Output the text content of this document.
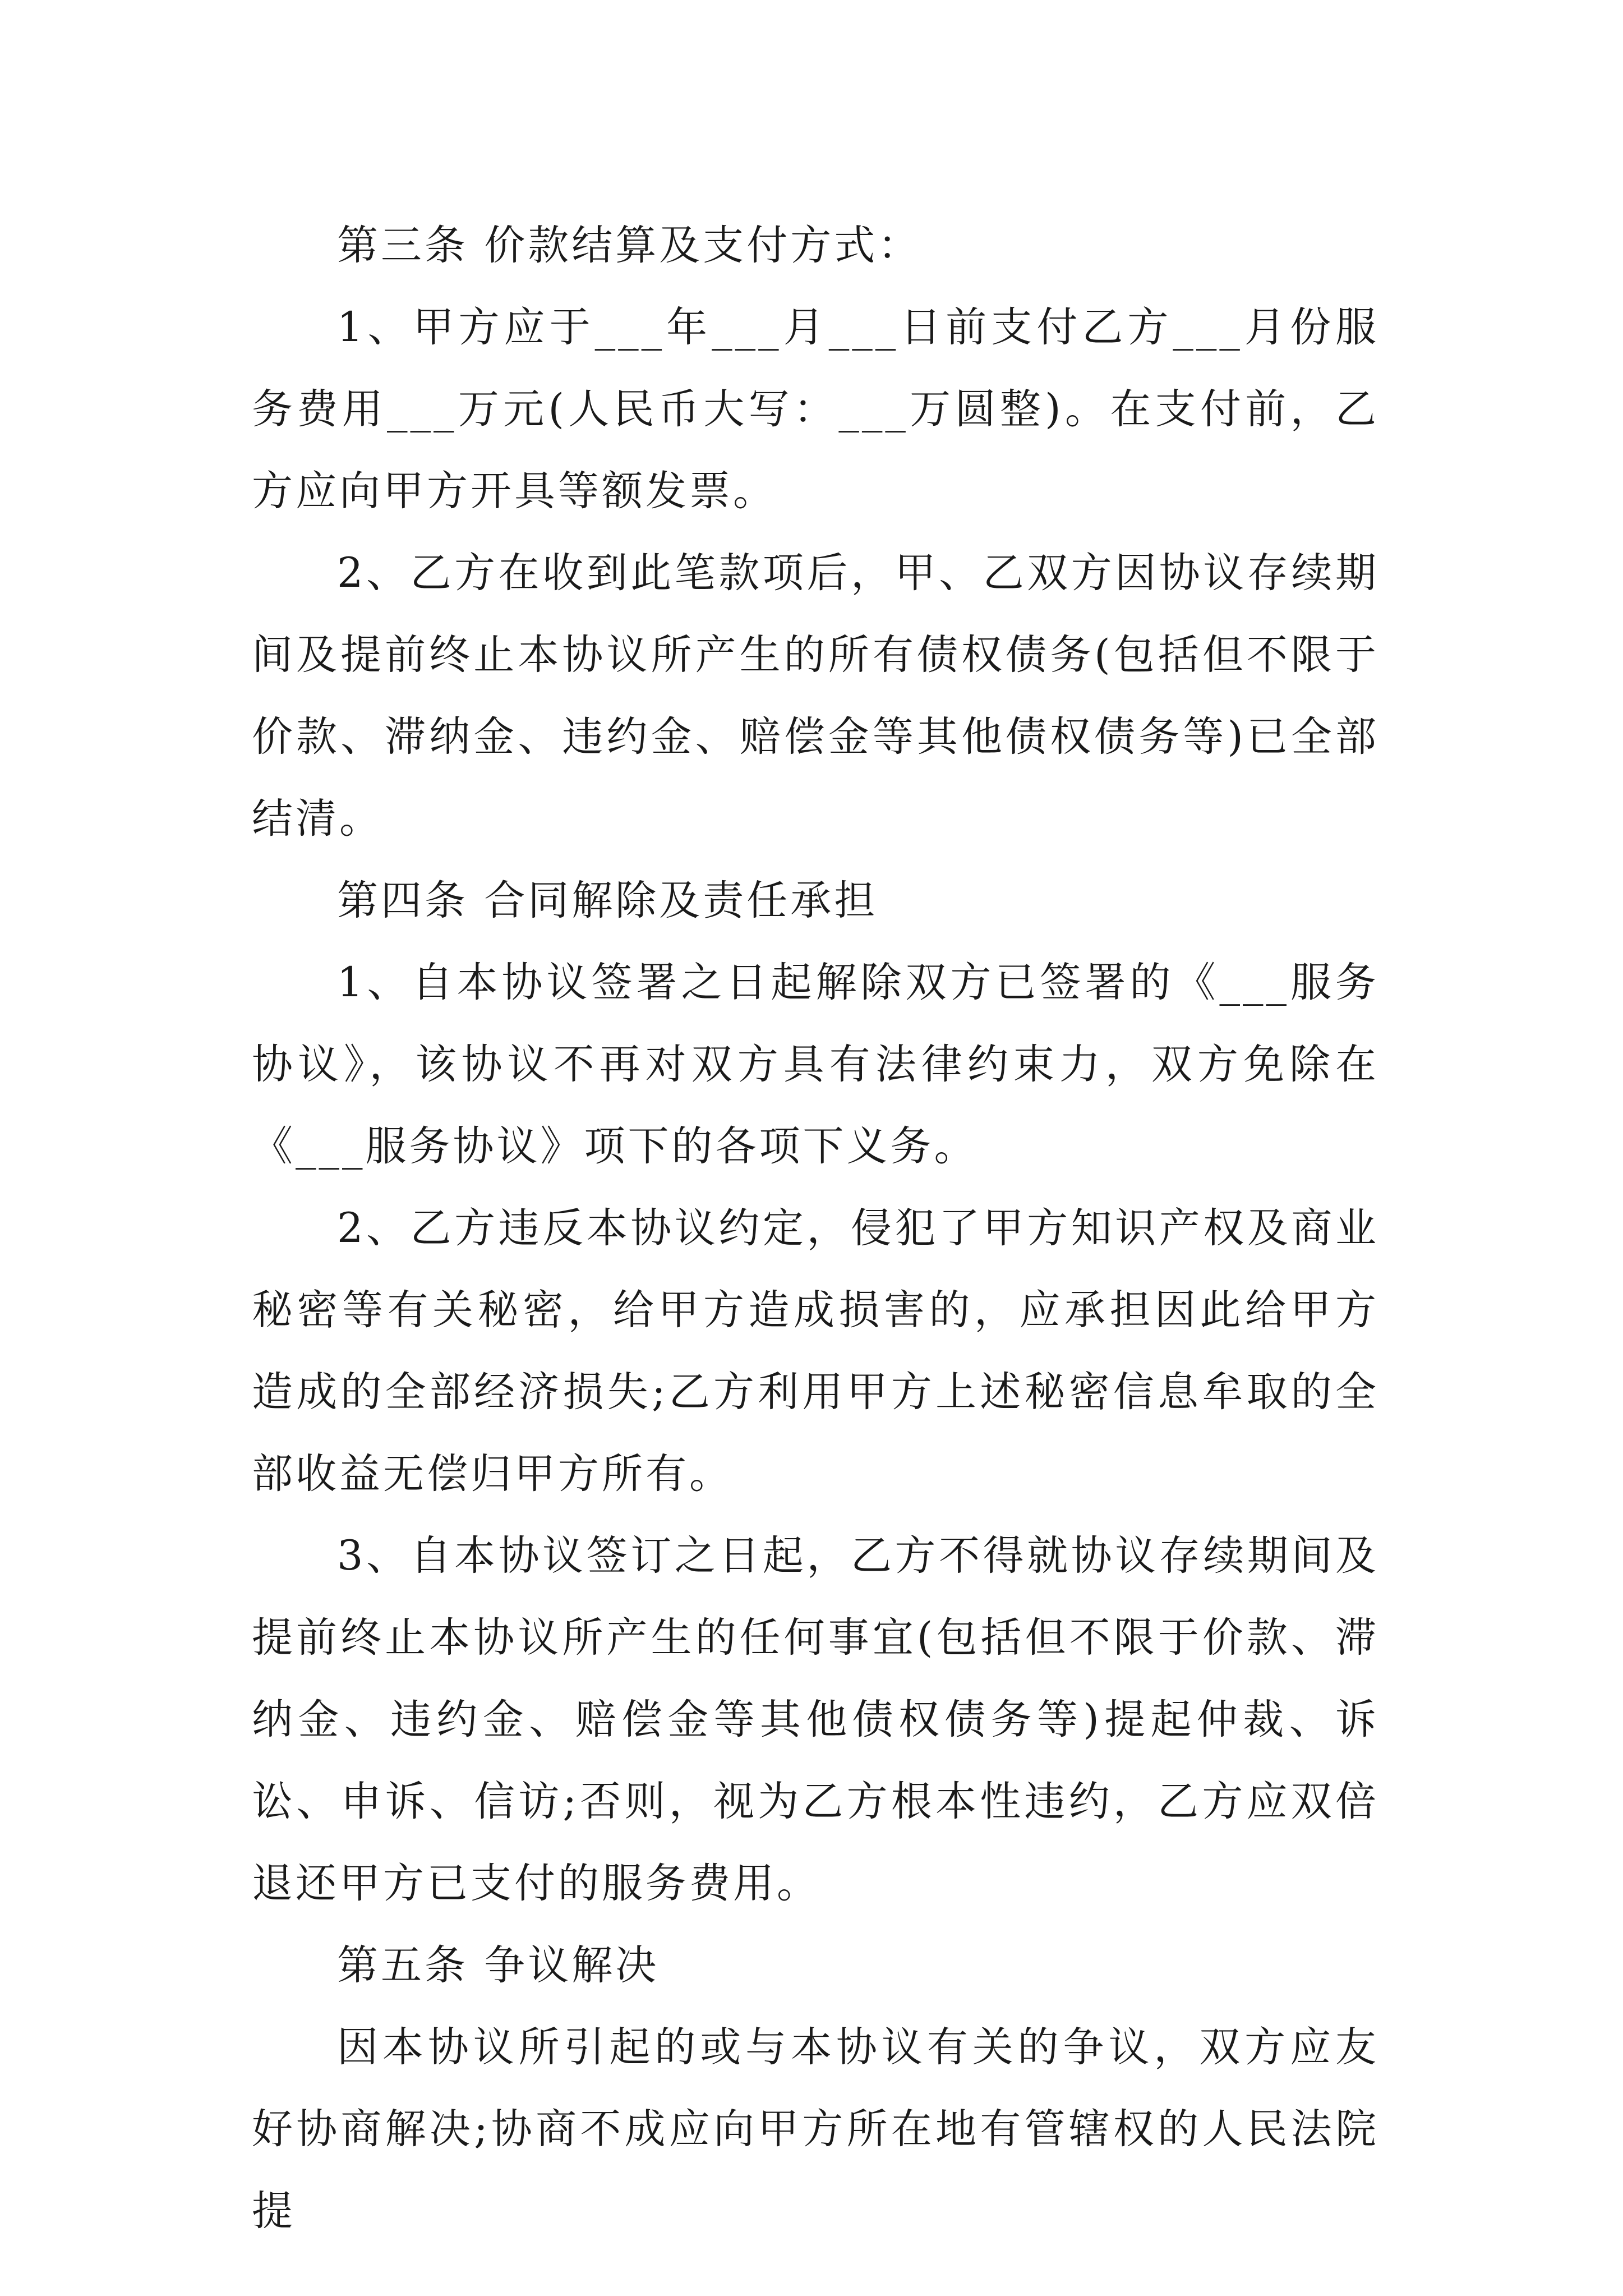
第三条 价款结算及支付方式：

1、甲方应于___年___月___日前支付乙方___月份服务费用___万元(人民币大写：___万圆整)。在支付前，乙方应向甲方开具等额发票。

2、乙方在收到此笔款项后，甲、乙双方因协议存续期间及提前终止本协议所产生的所有债权债务(包括但不限于价款、滞纳金、违约金、赔偿金等其他债权债务等)已全部结清。

第四条 合同解除及责任承担

1、自本协议签署之日起解除双方已签署的《___服务协议》，该协议不再对双方具有法律约束力，双方免除在《___服务协议》项下的各项下义务。

2、乙方违反本协议约定，侵犯了甲方知识产权及商业秘密等有关秘密，给甲方造成损害的，应承担因此给甲方造成的全部经济损失;乙方利用甲方上述秘密信息牟取的全部收益无偿归甲方所有。

3、自本协议签订之日起，乙方不得就协议存续期间及提前终止本协议所产生的任何事宜(包括但不限于价款、滞纳金、违约金、赔偿金等其他债权债务等)提起仲裁、诉讼、申诉、信访;否则，视为乙方根本性违约，乙方应双倍退还甲方已支付的服务费用。

第五条 争议解决

因本协议所引起的或与本协议有关的争议，双方应友好协商解决;协商不成应向甲方所在地有管辖权的人民法院提
